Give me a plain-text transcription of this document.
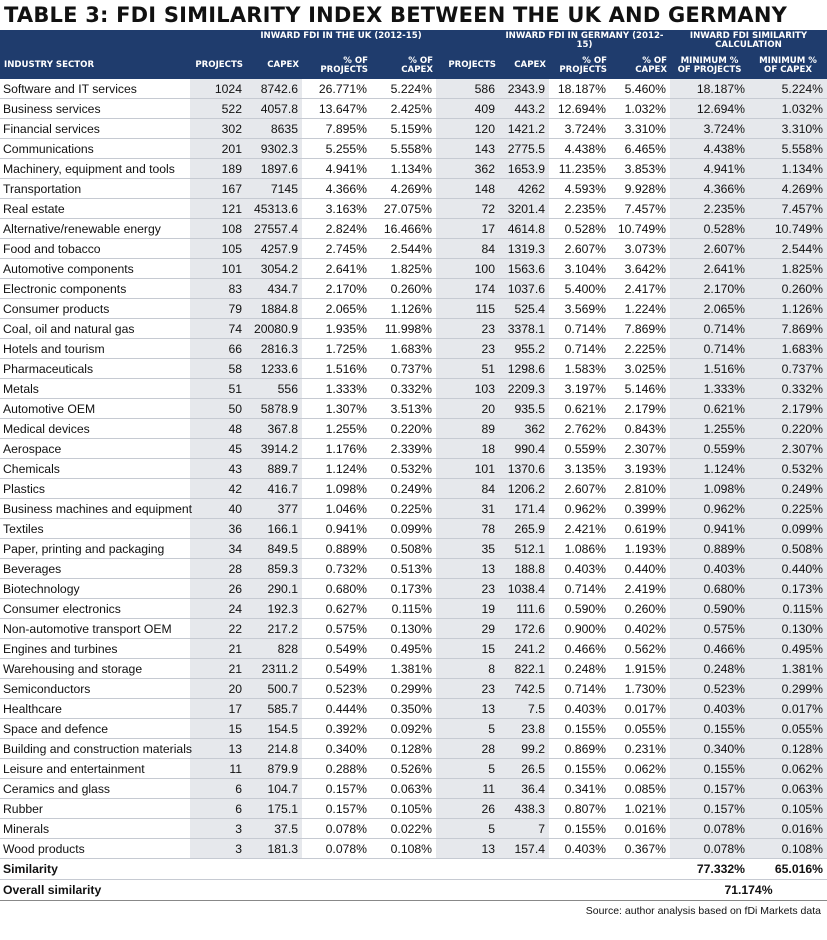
TABLE 3: FDI SIMILARITY INDEX BETWEEN THE UK AND GERMANY
		INWARD FDI IN THE UK (2012-15)				INWARD FDI IN GERMANY (2012-15)			INWARD FDI SIMILARITY CALCULATION	
INDUSTRY SECTOR	PROJECTS	CAPEX	% OF PROJECTS	% OF CAPEX	PROJECTS	CAPEX	% OF PROJECTS	% OF CAPEX	MINIMUM % OF PROJECTS	MINIMUM % OF CAPEX
Software and IT services	1024	8742.6	26.771%	5.224%	586	2343.9	18.187%	5.460%	18.187%	5.224%
Business services	522	4057.8	13.647%	2.425%	409	443.2	12.694%	1.032%	12.694%	1.032%
Financial services	302	8635	7.895%	5.159%	120	1421.2	3.724%	3.310%	3.724%	3.310%
Communications	201	9302.3	5.255%	5.558%	143	2775.5	4.438%	6.465%	4.438%	5.558%
Machinery, equipment and tools	189	1897.6	4.941%	1.134%	362	1653.9	11.235%	3.853%	4.941%	1.134%
Transportation	167	7145	4.366%	4.269%	148	4262	4.593%	9.928%	4.366%	4.269%
Real estate	121	45313.6	3.163%	27.075%	72	3201.4	2.235%	7.457%	2.235%	7.457%
Alternative/renewable energy	108	27557.4	2.824%	16.466%	17	4614.8	0.528%	10.749%	0.528%	10.749%
Food and tobacco	105	4257.9	2.745%	2.544%	84	1319.3	2.607%	3.073%	2.607%	2.544%
Automotive components	101	3054.2	2.641%	1.825%	100	1563.6	3.104%	3.642%	2.641%	1.825%
Electronic components	83	434.7	2.170%	0.260%	174	1037.6	5.400%	2.417%	2.170%	0.260%
Consumer products	79	1884.8	2.065%	1.126%	115	525.4	3.569%	1.224%	2.065%	1.126%
Coal, oil and natural gas	74	20080.9	1.935%	11.998%	23	3378.1	0.714%	7.869%	0.714%	7.869%
Hotels and tourism	66	2816.3	1.725%	1.683%	23	955.2	0.714%	2.225%	0.714%	1.683%
Pharmaceuticals	58	1233.6	1.516%	0.737%	51	1298.6	1.583%	3.025%	1.516%	0.737%
Metals	51	556	1.333%	0.332%	103	2209.3	3.197%	5.146%	1.333%	0.332%
Automotive OEM	50	5878.9	1.307%	3.513%	20	935.5	0.621%	2.179%	0.621%	2.179%
Medical devices	48	367.8	1.255%	0.220%	89	362	2.762%	0.843%	1.255%	0.220%
Aerospace	45	3914.2	1.176%	2.339%	18	990.4	0.559%	2.307%	0.559%	2.307%
Chemicals	43	889.7	1.124%	0.532%	101	1370.6	3.135%	3.193%	1.124%	0.532%
Plastics	42	416.7	1.098%	0.249%	84	1206.2	2.607%	2.810%	1.098%	0.249%
Business machines and equipment	40	377	1.046%	0.225%	31	171.4	0.962%	0.399%	0.962%	0.225%
Textiles	36	166.1	0.941%	0.099%	78	265.9	2.421%	0.619%	0.941%	0.099%
Paper, printing and packaging	34	849.5	0.889%	0.508%	35	512.1	1.086%	1.193%	0.889%	0.508%
Beverages	28	859.3	0.732%	0.513%	13	188.8	0.403%	0.440%	0.403%	0.440%
Biotechnology	26	290.1	0.680%	0.173%	23	1038.4	0.714%	2.419%	0.680%	0.173%
Consumer electronics	24	192.3	0.627%	0.115%	19	111.6	0.590%	0.260%	0.590%	0.115%
Non-automotive transport OEM	22	217.2	0.575%	0.130%	29	172.6	0.900%	0.402%	0.575%	0.130%
Engines and turbines	21	828	0.549%	0.495%	15	241.2	0.466%	0.562%	0.466%	0.495%
Warehousing and storage	21	2311.2	0.549%	1.381%	8	822.1	0.248%	1.915%	0.248%	1.381%
Semiconductors	20	500.7	0.523%	0.299%	23	742.5	0.714%	1.730%	0.523%	0.299%
Healthcare	17	585.7	0.444%	0.350%	13	7.5	0.403%	0.017%	0.403%	0.017%
Space and defence	15	154.5	0.392%	0.092%	5	23.8	0.155%	0.055%	0.155%	0.055%
Building and construction materials	13	214.8	0.340%	0.128%	28	99.2	0.869%	0.231%	0.340%	0.128%
Leisure and entertainment	11	879.9	0.288%	0.526%	5	26.5	0.155%	0.062%	0.155%	0.062%
Ceramics and glass	6	104.7	0.157%	0.063%	11	36.4	0.341%	0.085%	0.157%	0.063%
Rubber	6	175.1	0.157%	0.105%	26	438.3	0.807%	1.021%	0.157%	0.105%
Minerals	3	37.5	0.078%	0.022%	5	7	0.155%	0.016%	0.078%	0.016%
Wood products	3	181.3	0.078%	0.108%	13	157.4	0.403%	0.367%	0.078%	0.108%
Similarity									77.332%	65.016%
Overall similarity									71.174%	
Source: author analysis based on fDi Markets data
